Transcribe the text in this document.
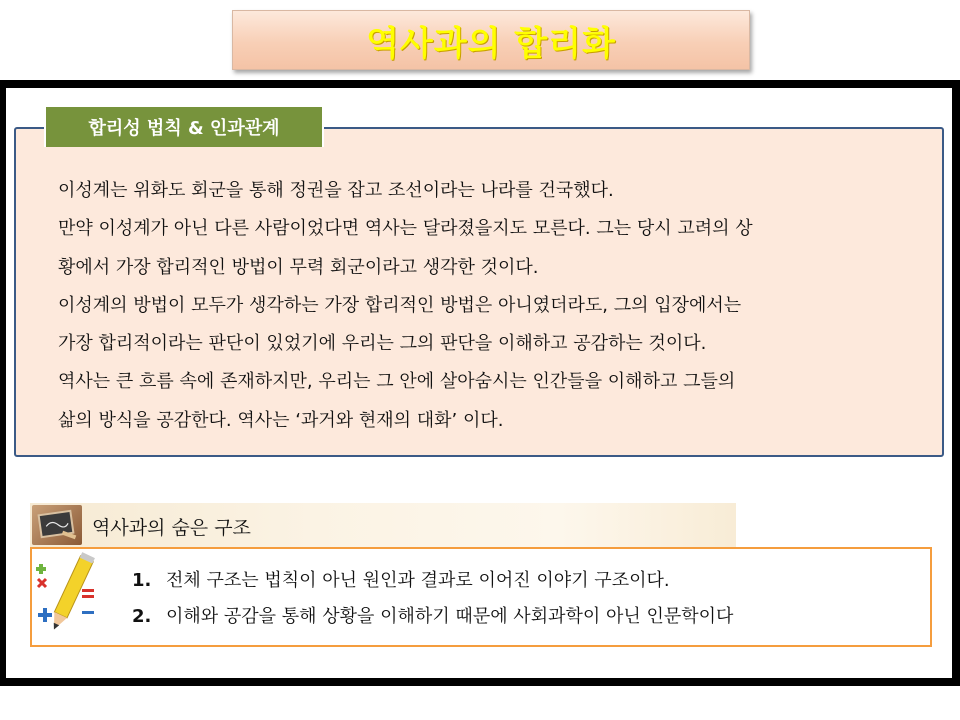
역사과의 합리화
합리성 법칙 & 인과관계

이성계는 위화도 회군을 통해 정권을 잡고 조선이라는 나라를 건국했다.

만약 이성계가 아닌 다른 사람이었다면 역사는 달라졌을지도 모른다. 그는 당시 고려의 상

황에서 가장 합리적인 방법이 무력 회군이라고 생각한 것이다.

이성계의 방법이 모두가 생각하는 가장 합리적인 방법은 아니였더라도, 그의 입장에서는

가장 합리적이라는 판단이 있었기에 우리는 그의 판단을 이해하고 공감하는 것이다.

역사는 큰 흐름 속에 존재하지만, 우리는 그 안에 살아숨시는 인간들을 이해하고 그들의

삶의 방식을 공감한다. 역사는 ‘과거와 현재의 대화’ 이다.

역사과의 숨은 구조
1. 전체 구조는 법칙이 아닌 원인과 결과로 이어진 이야기 구조이다.
2. 이해와 공감을 통해 상황을 이해하기 때문에 사회과학이 아닌 인문학이다
